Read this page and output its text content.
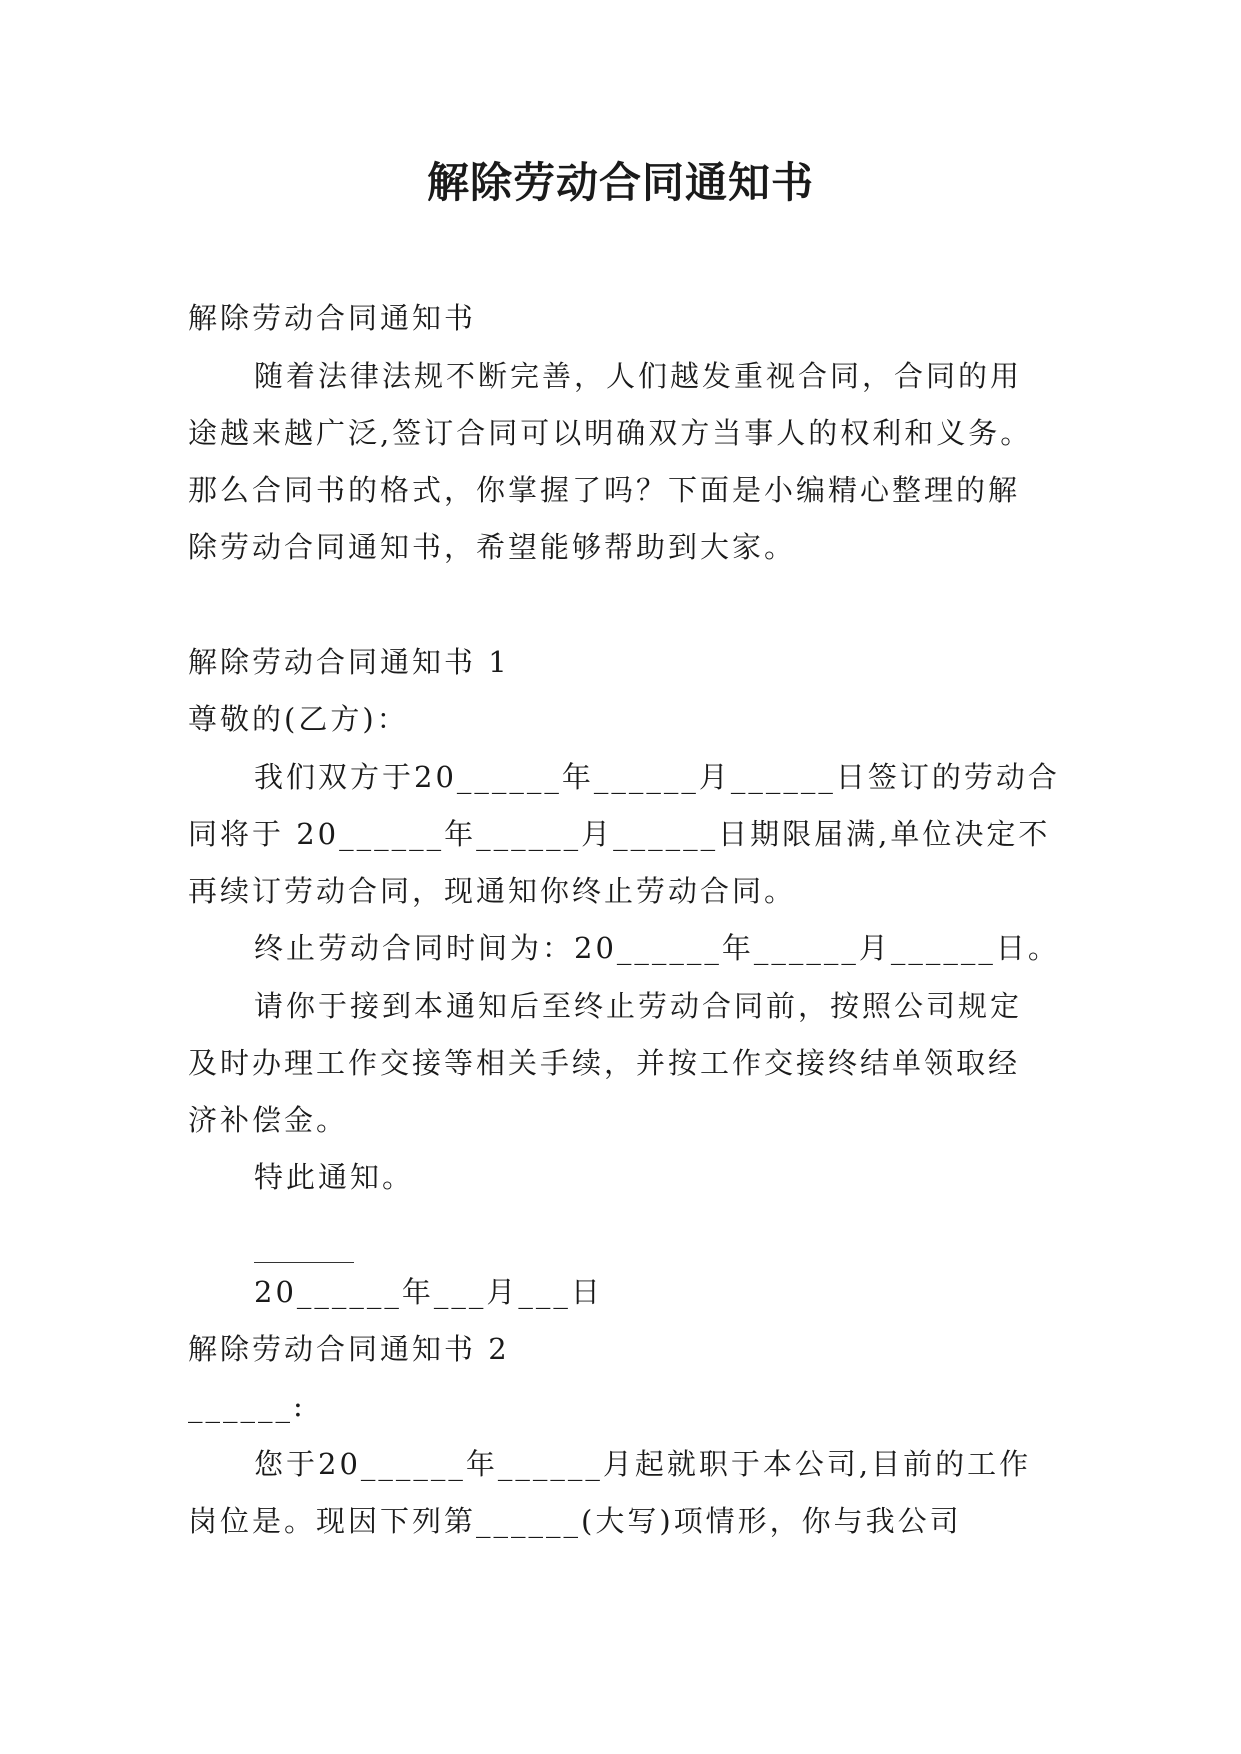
解除劳动合同通知书

解除劳动合同通知书

随着法律法规不断完善，人们越发重视合同，合同的用

途越来越广泛,签订合同可以明确双方当事人的权利和义务。

那么合同书的格式，你掌握了吗？下面是小编精心整理的解

除劳动合同通知书，希望能够帮助到大家。

解除劳动合同通知书 1

尊敬的(乙方)：

我们双方于20______年______月______日签订的劳动合

同将于 20______年______月______日期限届满,单位决定不

再续订劳动合同，现通知你终止劳动合同。

终止劳动合同时间为：20______年______月______日。

请你于接到本通知后至终止劳动合同前，按照公司规定

及时办理工作交接等相关手续，并按工作交接终结单领取经

济补偿金。

特此通知。

20______年___月___日

解除劳动合同通知书 2

______:

您于20______年______月起就职于本公司,目前的工作

岗位是。现因下列第______(大写)项情形，你与我公司
